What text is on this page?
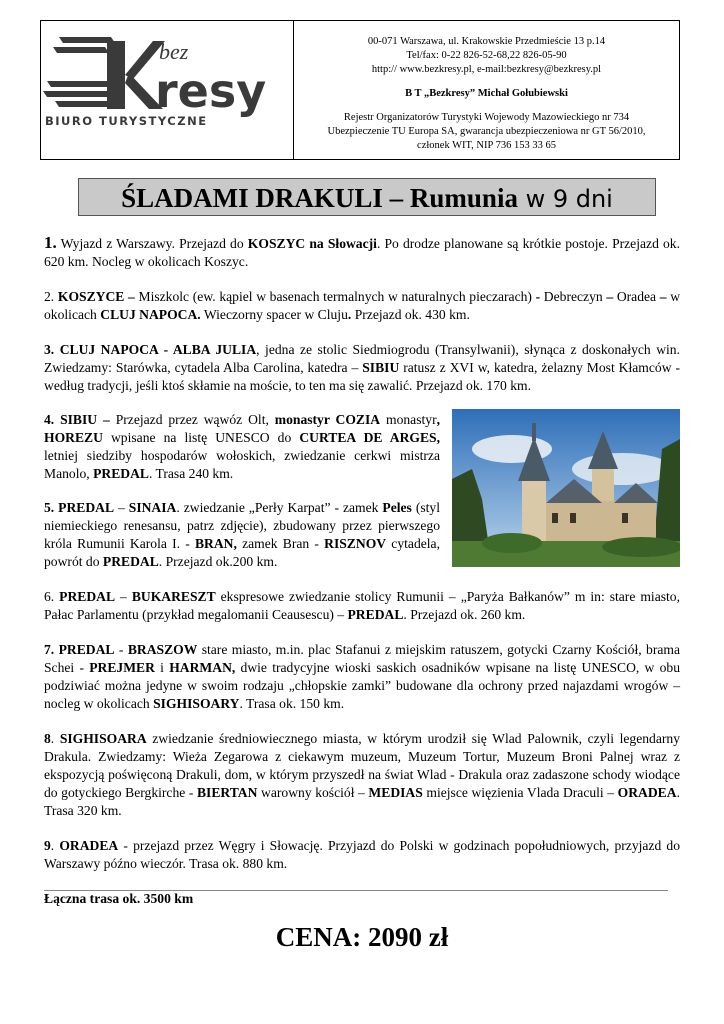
bez
resy
BIURO TURYSTYCZNE
00-071 Warszawa, ul. Krakowskie Przedmieście 13 p.14
Tel/fax: 0-22 826-52-68,22 826-05-90
http:// www.bezkresy.pl, e-mail:bezkresy@bezkresy.pl
B T „Bezkresy” Michał Gołubiewski
Rejestr Organizatorów Turystyki Wojewody Mazowieckiego nr 734
Ubezpieczenie TU Europa SA, gwarancja ubezpieczeniowa nr GT 56/2010,
członek WIT, NIP 736 153 33 65
ŚLADAMI DRAKULI – Rumunia w 9 dni

1. Wyjazd z Warszawy. Przejazd do KOSZYC na Słowacji. Po drodze planowane są krótkie postoje. Przejazd ok. 620 km. Nocleg w okolicach Koszyc.

2. KOSZYCE – Miszkolc (ew. kąpiel w basenach termalnych w naturalnych pieczarach) - Debreczyn – Oradea – w okolicach CLUJ NAPOCA. Wieczorny spacer w Cluju. Przejazd ok. 430 km.

3. CLUJ NAPOCA - ALBA JULIA, jedna ze stolic Siedmiogrodu (Transylwanii), słynąca z doskonałych win. Zwiedzamy: Starówka, cytadela Alba Carolina, katedra – SIBIU ratusz z XVI w, katedra, żelazny Most Kłamców - według tradycji, jeśli ktoś skłamie na moście, to ten ma się zawalić. Przejazd ok. 170 km.

4. SIBIU – Przejazd przez wąwóz Olt, monastyr COZIA monastyr, HOREZU wpisane na listę UNESCO do CURTEA DE ARGES, letniej siedziby hospodarów wołoskich, zwiedzanie cerkwi mistrza Manolo, PREDAL. Trasa 240 km.

5. PREDAL – SINAIA. zwiedzanie „Perły Karpat” - zamek Peles (styl niemieckiego renesansu, patrz zdjęcie), zbudowany przez pierwszego króla Rumunii Karola I. - BRAN, zamek Bran - RISZNOV cytadela, powrót do PREDAL. Przejazd ok.200 km.

6. PREDAL – BUKARESZT ekspresowe zwiedzanie stolicy Rumunii – „Paryża Bałkanów” m in: stare miasto, Pałac Parlamentu (przykład megalomanii Ceausescu) – PREDAL. Przejazd ok. 260 km.

7. PREDAL - BRASZOW stare miasto, m.in. plac Stafanui z miejskim ratuszem, gotycki Czarny Kościół, brama Schei - PREJMER i HARMAN, dwie tradycyjne wioski saskich osadników wpisane na listę UNESCO, w obu podziwiać można jedyne w swoim rodzaju „chłopskie zamki” budowane dla ochrony przed najazdami wrogów –nocleg w okolicach SIGHISOARY. Trasa ok. 150 km.

8. SIGHISOARA zwiedzanie średniowiecznego miasta, w którym urodził się Wlad Palownik, czyli legendarny Drakula. Zwiedzamy: Wieża Zegarowa z ciekawym muzeum, Muzeum Tortur, Muzeum Broni Palnej wraz z ekspozycją poświęconą Drakuli, dom, w którym przyszedł na świat Wlad - Drakula oraz zadaszone schody wiodące do gotyckiego Bergkirche - BIERTAN warowny kościół – MEDIAS miejsce więzienia Vlada Draculi – ORADEA. Trasa 320 km.

9. ORADEA - przejazd przez Węgry i Słowację. Przyjazd do Polski w godzinach popołudniowych, przyjazd do Warszawy późno wieczór. Trasa ok. 880 km.

Łączna trasa ok. 3500 km

CENA: 2090 zł
